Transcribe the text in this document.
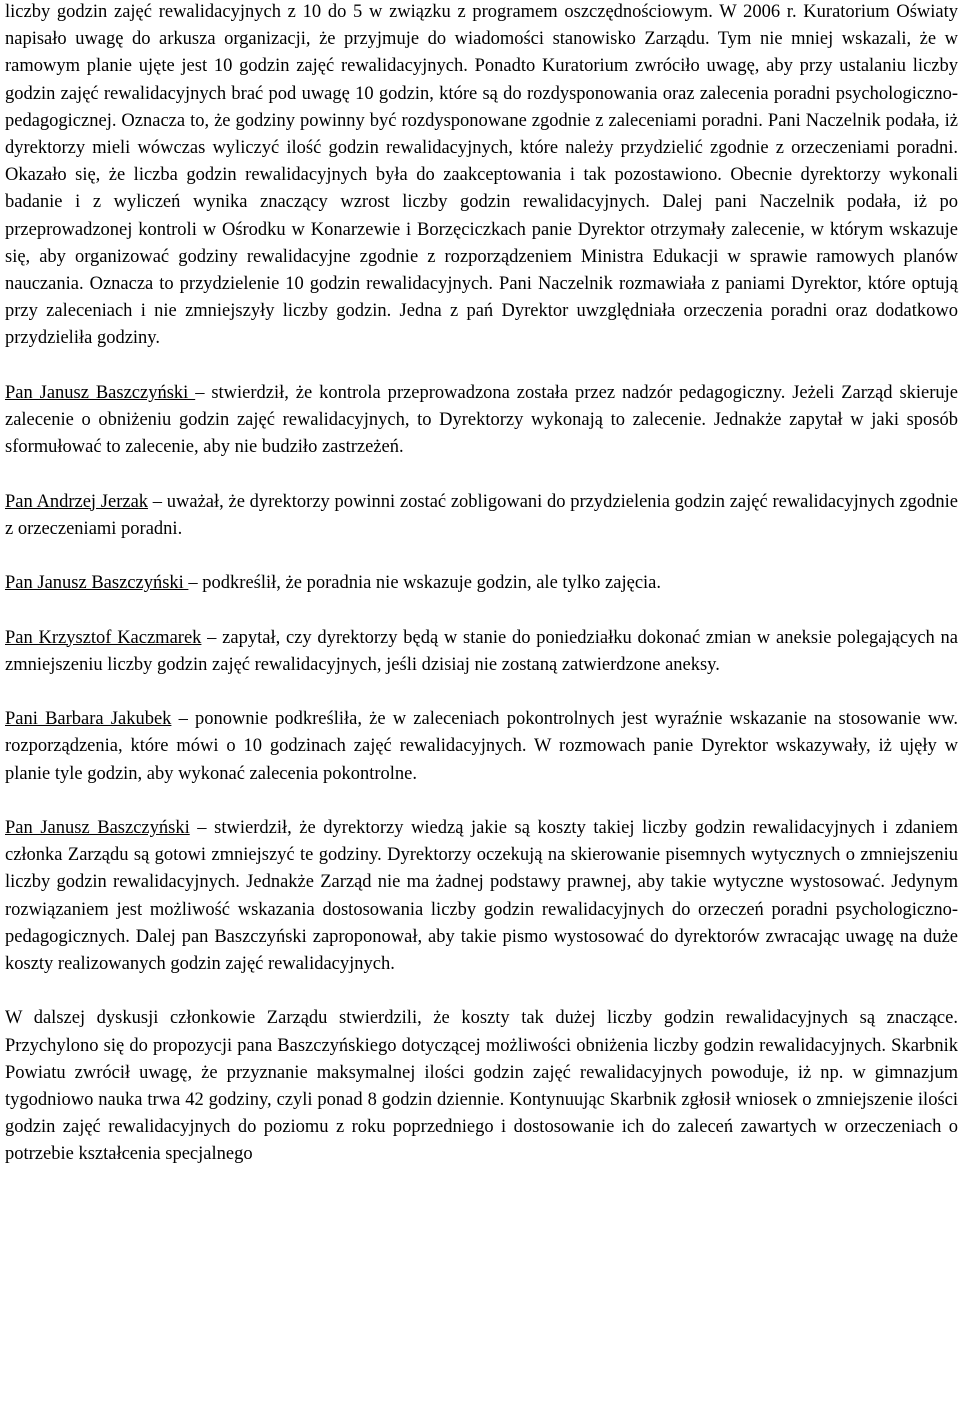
liczby godzin zajęć rewalidacyjnych z 10 do 5 w związku z programem oszczędnościowym. W 2006 r. Kuratorium Oświaty napisało uwagę do arkusza organizacji, że przyjmuje do wiadomości stanowisko Zarządu. Tym nie mniej wskazali, że w ramowym planie ujęte jest 10 godzin zajęć rewalidacyjnych. Ponadto Kuratorium zwróciło uwagę, aby przy ustalaniu liczby godzin zajęć rewalidacyjnych brać pod uwagę 10 godzin, które są do rozdysponowania oraz zalecenia poradni psychologiczno-pedagogicznej. Oznacza to, że godziny powinny być rozdysponowane zgodnie z zaleceniami poradni. Pani Naczelnik podała, iż dyrektorzy mieli wówczas wyliczyć ilość godzin rewalidacyjnych, które należy przydzielić zgodnie z orzeczeniami poradni. Okazało się, że liczba godzin rewalidacyjnych była do zaakceptowania i tak pozostawiono. Obecnie dyrektorzy wykonali badanie i z wyliczeń wynika znaczący wzrost liczby godzin rewalidacyjnych. Dalej pani Naczelnik podała, iż po przeprowadzonej kontroli w Ośrodku w Konarzewie i Borzęciczkach panie Dyrektor otrzymały zalecenie, w którym wskazuje się, aby organizować godziny rewalidacyjne zgodnie z rozporządzeniem Ministra Edukacji w sprawie ramowych planów nauczania. Oznacza to przydzielenie 10 godzin rewalidacyjnych. Pani Naczelnik rozmawiała z paniami Dyrektor, które optują przy zaleceniach i nie zmniejszyły liczby godzin. Jedna z pań Dyrektor uwzględniała orzeczenia poradni oraz dodatkowo przydzieliła godziny.

Pan Janusz Baszczyński – stwierdził, że kontrola przeprowadzona została przez nadzór pedagogiczny. Jeżeli Zarząd skieruje zalecenie o obniżeniu godzin zajęć rewalidacyjnych, to Dyrektorzy wykonają to zalecenie. Jednakże zapytał w jaki sposób sformułować to zalecenie, aby nie budziło zastrzeżeń.

Pan Andrzej Jerzak – uważał, że dyrektorzy powinni zostać zobligowani do przydzielenia godzin zajęć rewalidacyjnych zgodnie z orzeczeniami poradni.

Pan Janusz Baszczyński – podkreślił, że poradnia nie wskazuje godzin, ale tylko zajęcia.

Pan Krzysztof Kaczmarek – zapytał, czy dyrektorzy będą w stanie do poniedziałku dokonać zmian w aneksie polegających na zmniejszeniu liczby godzin zajęć rewalidacyjnych, jeśli dzisiaj nie zostaną zatwierdzone aneksy.

Pani Barbara Jakubek – ponownie podkreśliła, że w zaleceniach pokontrolnych jest wyraźnie wskazanie na stosowanie ww. rozporządzenia, które mówi o 10 godzinach zajęć rewalidacyjnych. W rozmowach panie Dyrektor wskazywały, iż ujęły w planie tyle godzin, aby wykonać zalecenia pokontrolne.

Pan Janusz Baszczyński – stwierdził, że dyrektorzy wiedzą jakie są koszty takiej liczby godzin rewalidacyjnych i zdaniem członka Zarządu są gotowi zmniejszyć te godziny. Dyrektorzy oczekują na skierowanie pisemnych wytycznych o zmniejszeniu liczby godzin rewalidacyjnych. Jednakże Zarząd nie ma żadnej podstawy prawnej, aby takie wytyczne wystosować. Jedynym rozwiązaniem jest możliwość wskazania dostosowania liczby godzin rewalidacyjnych do orzeczeń poradni psychologiczno-pedagogicznych. Dalej pan Baszczyński zaproponował, aby takie pismo wystosować do dyrektorów zwracając uwagę na duże koszty realizowanych godzin zajęć rewalidacyjnych.

W dalszej dyskusji członkowie Zarządu stwierdzili, że koszty tak dużej liczby godzin rewalidacyjnych są znaczące. Przychylono się do propozycji pana Baszczyńskiego dotyczącej możliwości obniżenia liczby godzin rewalidacyjnych. Skarbnik Powiatu zwrócił uwagę, że przyznanie maksymalnej ilości godzin zajęć rewalidacyjnych powoduje, iż np. w gimnazjum tygodniowo nauka trwa 42 godziny, czyli ponad 8 godzin dziennie. Kontynuując Skarbnik zgłosił wniosek o zmniejszenie ilości godzin zajęć rewalidacyjnych do poziomu z roku poprzedniego i dostosowanie ich do zaleceń zawartych w orzeczeniach o potrzebie kształcenia specjalnego
